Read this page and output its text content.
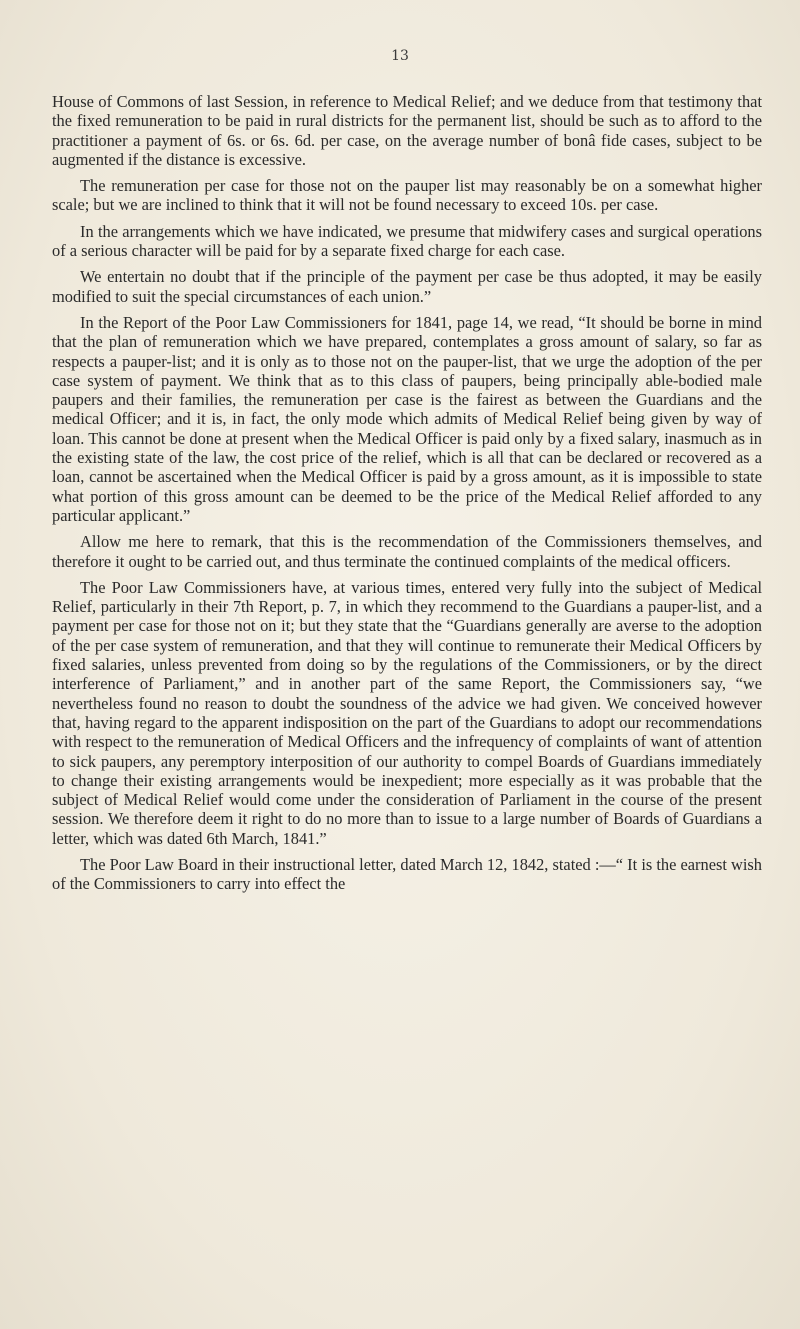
13

House of Commons of last Session, in reference to Medical Relief; and we deduce from that testimony that the fixed remuneration to be paid in rural districts for the permanent list, should be such as to afford to the practitioner a payment of 6s. or 6s. 6d. per case, on the average number of bonâ fide cases, subject to be augmented if the distance is excessive.

The remuneration per case for those not on the pauper list may reasonably be on a somewhat higher scale; but we are inclined to think that it will not be found necessary to exceed 10s. per case.

In the arrangements which we have indicated, we presume that midwifery cases and surgical operations of a serious character will be paid for by a separate fixed charge for each case.

We entertain no doubt that if the principle of the payment per case be thus adopted, it may be easily modified to suit the special circumstances of each union.”

In the Report of the Poor Law Commissioners for 1841, page 14, we read, “It should be borne in mind that the plan of remuneration which we have prepared, contemplates a gross amount of salary, so far as respects a pauper-list; and it is only as to those not on the pauper-list, that we urge the adoption of the per case system of payment. We think that as to this class of paupers, being principally able-bodied male paupers and their families, the remuneration per case is the fairest as between the Guardians and the medical Officer; and it is, in fact, the only mode which admits of Medical Relief being given by way of loan. This cannot be done at present when the Medical Officer is paid only by a fixed salary, inasmuch as in the existing state of the law, the cost price of the relief, which is all that can be declared or recovered as a loan, cannot be ascertained when the Medical Officer is paid by a gross amount, as it is impossible to state what portion of this gross amount can be deemed to be the price of the Medical Relief afforded to any particular applicant.”

Allow me here to remark, that this is the recommendation of the Commissioners themselves, and therefore it ought to be carried out, and thus terminate the continued complaints of the medical officers.

The Poor Law Commissioners have, at various times, entered very fully into the subject of Medical Relief, particularly in their 7th Report, p. 7, in which they recommend to the Guardians a pauper-list, and a payment per case for those not on it; but they state that the “Guardians generally are averse to the adoption of the per case system of remuneration, and that they will continue to remunerate their Medical Officers by fixed salaries, unless prevented from doing so by the regulations of the Commissioners, or by the direct interference of Parliament,” and in another part of the same Report, the Commissioners say, “we nevertheless found no reason to doubt the soundness of the advice we had given. We conceived however that, having regard to the apparent indisposition on the part of the Guardians to adopt our recommendations with respect to the remuneration of Medical Officers and the infrequency of complaints of want of attention to sick paupers, any peremptory interposition of our authority to compel Boards of Guardians immediately to change their existing arrangements would be inexpedient; more especially as it was probable that the subject of Medical Relief would come under the consideration of Parliament in the course of the present session. We therefore deem it right to do no more than to issue to a large number of Boards of Guardians a letter, which was dated 6th March, 1841.”

The Poor Law Board in their instructional letter, dated March 12, 1842, stated :—“ It is the earnest wish of the Commissioners to carry into effect the
